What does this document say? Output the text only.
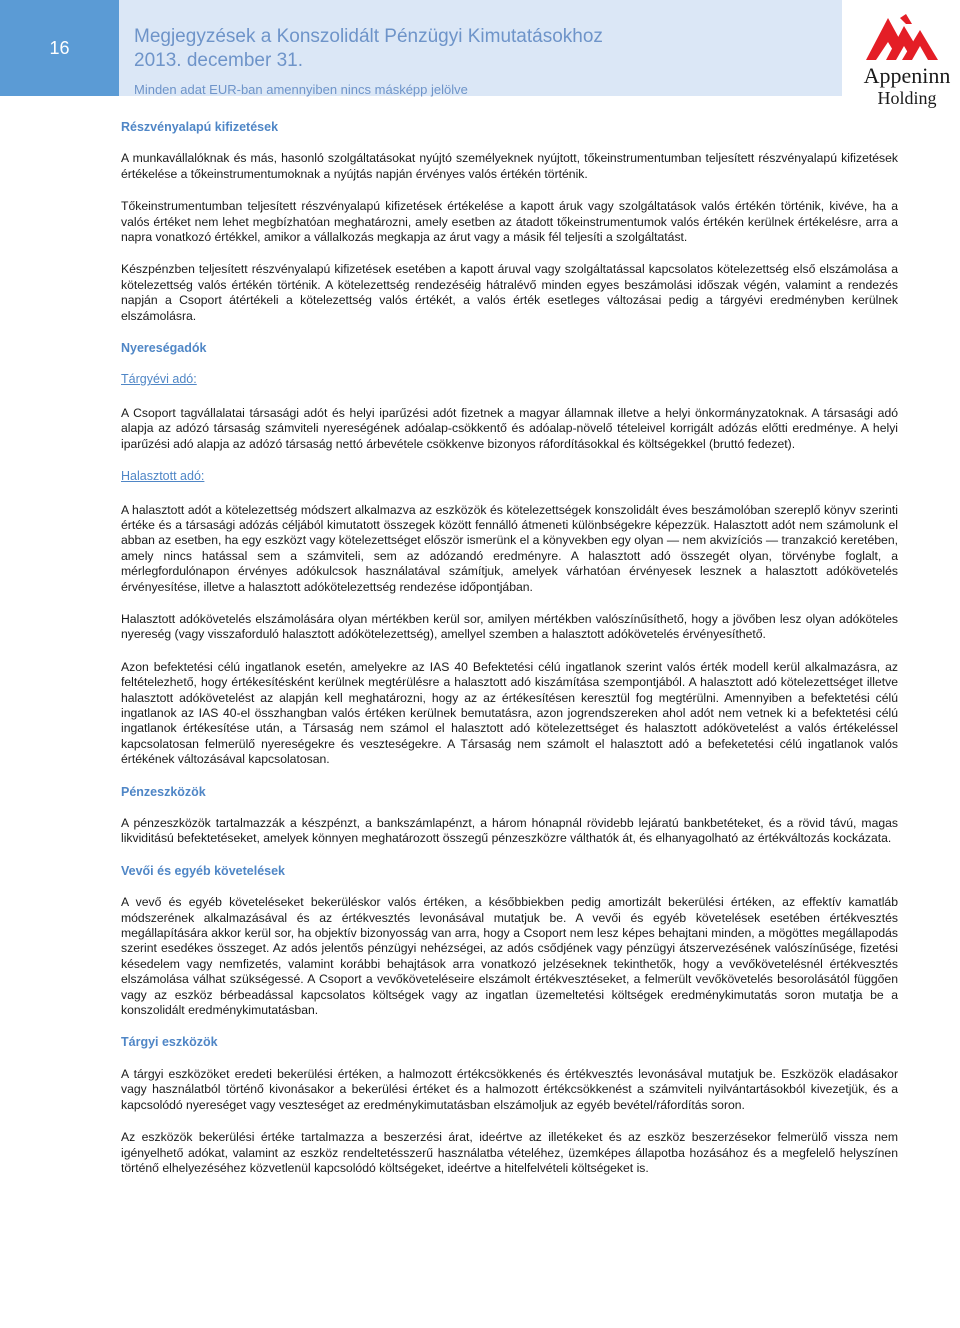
16
Megjegyzések a Konszolidált Pénzügyi Kimutatásokhoz
2013. december 31.
Minden adat EUR-ban amennyiben nincs másképp jelölve
Appeninn
Holding
Részvényalapú kifizetések

A munkavállalóknak és más, hasonló szolgáltatásokat nyújtó személyeknek nyújtott, tőkeinstrumentumban teljesített részvényalapú kifizetések értékelése a tőkeinstrumentumoknak a nyújtás napján érvényes valós értékén történik.

Tőkeinstrumentumban teljesített részvényalapú kifizetések értékelése a kapott áruk vagy szolgáltatások valós értékén történik, kivéve, ha a valós értéket nem lehet megbízhatóan meghatározni, amely esetben az átadott tőkeinstrumentumok valós értékén kerülnek értékelésre, arra a napra vonatkozó értékkel, amikor a vállalkozás megkapja az árut vagy a másik fél teljesíti a szolgáltatást.

Készpénzben teljesített részvényalapú kifizetések esetében a kapott áruval vagy szolgáltatással kapcsolatos kötelezettség első elszámolása a kötelezettség valós értékén történik. A kötelezettség rendezéséig hátralévő minden egyes beszámolási időszak végén, valamint a rendezés napján a Csoport átértékeli a kötelezettség valós értékét, a valós érték esetleges változásai pedig a tárgyévi eredményben kerülnek elszámolásra.

Nyereségadók
Tárgyévi adó:

A Csoport tagvállalatai társasági adót és helyi iparűzési adót fizetnek a magyar államnak illetve a helyi önkormányzatoknak. A társasági adó alapja az adózó társaság számviteli nyereségének adóalap-csökkentő és adóalap-növelő tételeivel korrigált adózás előtti eredménye. A helyi iparűzési adó alapja az adózó társaság nettó árbevétele csökkenve bizonyos ráfordításokkal és költségekkel (bruttó fedezet).

Halasztott adó:

A halasztott adót a kötelezettség módszert alkalmazva az eszközök és kötelezettségek konszolidált éves beszámolóban szereplő könyv szerinti értéke és a társasági adózás céljából kimutatott összegek között fennálló átmeneti különbségekre képezzük. Halasztott adót nem számolunk el abban az esetben, ha egy eszközt vagy kötelezettséget először ismerünk el a könyvekben egy olyan — nem akvizíciós — tranzakció keretében, amely nincs hatással sem a számviteli, sem az adózandó eredményre. A halasztott adó összegét olyan, törvénybe foglalt, a mérlegfordulónapon érvényes adókulcsok használatával számítjuk, amelyek várhatóan érvényesek lesznek a halasztott adókövetelés érvényesítése, illetve a halasztott adókötelezettség rendezése időpontjában.

Halasztott adókövetelés elszámolására olyan mértékben kerül sor, amilyen mértékben valószínűsíthető, hogy a jövőben lesz olyan adóköteles nyereség (vagy visszaforduló halasztott adókötelezettség), amellyel szemben a halasztott adókövetelés érvényesíthető.

Azon befektetési célú ingatlanok esetén, amelyekre az IAS 40 Befektetési célú ingatlanok szerint valós érték modell kerül alkalmazásra, az feltételezhető, hogy értékesítésként kerülnek megtérülésre a halasztott adó kiszámítása szempontjából. A halasztott adó kötelezettséget illetve halasztott adókövetelést az alapján kell meghatározni, hogy az az értékesítésen keresztül fog megtérülni. Amennyiben a befektetési célú ingatlanok az IAS 40-el összhangban valós értéken kerülnek bemutatásra, azon jogrendszereken ahol adót nem vetnek ki a befektetési célú ingatlanok értékesítése után, a Társaság nem számol el halasztott adó kötelezettséget és halasztott adókövetelést a valós értékeléssel kapcsolatosan felmerülő nyereségekre és veszteségekre. A Társaság nem számolt el halasztott adó a befeketetési célú ingatlanok valós értékének változásával kapcsolatosan.

Pénzeszközök

A pénzeszközök tartalmazzák a készpénzt, a bankszámlapénzt, a három hónapnál rövidebb lejáratú bankbetéteket, és a rövid távú, magas likviditású befektetéseket, amelyek könnyen meghatározott összegű pénzeszközre válthatók át, és elhanyagolható az értékváltozás kockázata.

Vevői és egyéb követelések

A vevő és egyéb követeléseket bekerüléskor valós értéken, a későbbiekben pedig amortizált bekerülési értéken, az effektív kamatláb módszerének alkalmazásával és az értékvesztés levonásával mutatjuk be. A vevői és egyéb követelések esetében értékvesztés megállapítására akkor kerül sor, ha objektív bizonyosság van arra, hogy a Csoport nem lesz képes behajtani minden, a mögöttes megállapodás szerint esedékes összeget. Az adós jelentős pénzügyi nehézségei, az adós csődjének vagy pénzügyi átszervezésének valószínűsége, fizetési késedelem vagy nemfizetés, valamint korábbi behajtások arra vonatkozó jelzéseknek tekinthetők, hogy a vevőkövetelésnél értékvesztés elszámolása válhat szükségessé. A Csoport a vevőköveteléseire elszámolt értékvesztéseket, a felmerült vevőkövetelés besorolásától függően vagy az eszköz bérbeadással kapcsolatos költségek vagy az ingatlan üzemeltetési költségek eredménykimutatás soron mutatja be a konszolidált eredménykimutatásban.

Tárgyi eszközök

A tárgyi eszközöket eredeti bekerülési értéken, a halmozott értékcsökkenés és értékvesztés levonásával mutatjuk be. Eszközök eladásakor vagy használatból történő kivonásakor a bekerülési értéket és a halmozott értékcsökkenést a számviteli nyilvántartásokból kivezetjük, és a kapcsolódó nyereséget vagy veszteséget az eredménykimutatásban elszámoljuk az egyéb bevétel/ráfordítás soron.

Az eszközök bekerülési értéke tartalmazza a beszerzési árat, ideértve az illetékeket és az eszköz beszerzésekor felmerülő vissza nem igényelhető adókat, valamint az eszköz rendeltetésszerű használatba vételéhez, üzemképes állapotba hozásához és a megfelelő helyszínen történő elhelyezéséhez közvetlenül kapcsolódó költségeket, ideértve a hitelfelvételi költségeket is.
